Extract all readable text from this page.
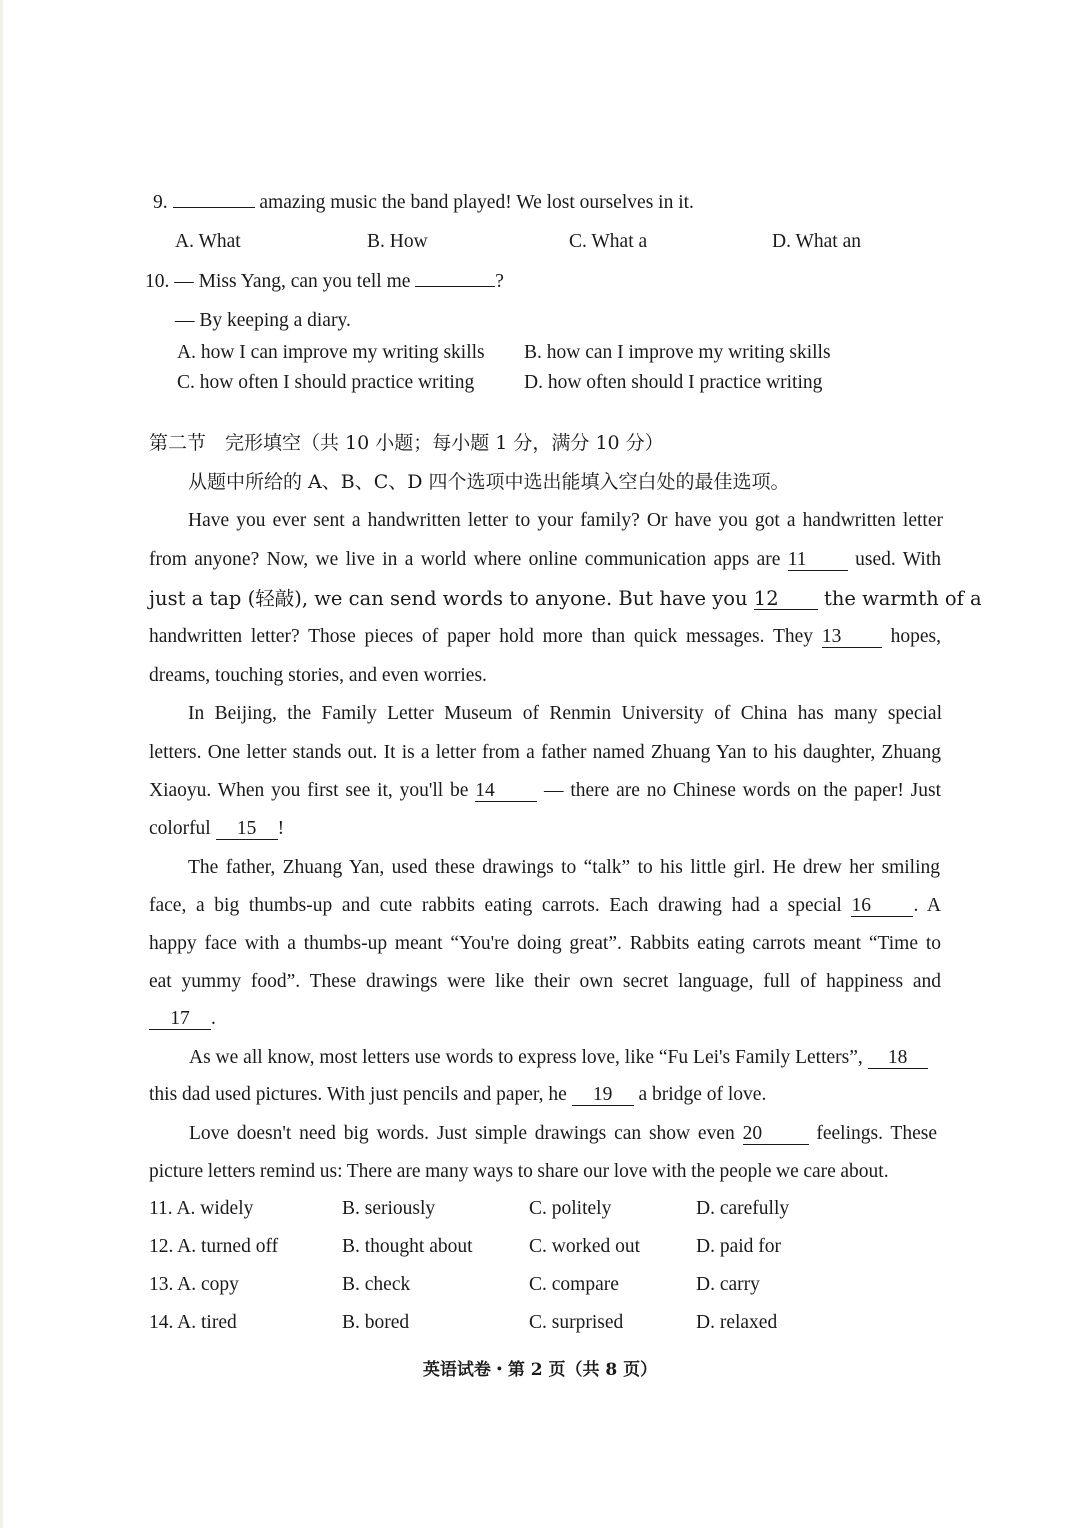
9.	amazing music the band played! We lost ourselves in it.
A. What	B. How	C. What a	D. What an
10. — Miss Yang, can you tell me	?
— By keeping a diary.
A. how I can improve my writing skills B. how can I improve my writing skills
C. how often I should practice writing	D. how often should I practice writing
第二节　完形填空（共 10 小题；每小题 1 分，满分 10 分）
从题中所给的 A、B、C、D 四个选项中选出能填入空白处的最佳选项。
Have you ever sent a handwritten letter to your family? Or have you got a handwritten letter
from anyone? Now, we live in a world where online communication apps are 11 used. With
just a tap (轻敲), we can send words to anyone. But have you 12 the warmth of a
handwritten letter? Those pieces of paper hold more than quick messages. They 13	hopes,
dreams, touching stories, and even worries.
In Beijing, the Family Letter Museum of Renmin University of China has many special
letters. One letter stands out. It is a letter from a father named Zhuang Yan to his daughter, Zhuang
Xiaoyu. When you first see it, you'll be 14	— there are no Chinese words on the paper! Just
colorful 15 !
The father, Zhuang Yan, used these drawings to “talk” to his little girl. He drew her smiling
face, a big thumbs-up and cute rabbits eating carrots. Each drawing had a special 16 . A
happy face with a thumbs-up meant “You're doing great”. Rabbits eating carrots meant “Time to
eat yummy food”. These drawings were like their own secret language, full of happiness and
17 .
As we all know, most letters use words to express love, like “Fu Lei's Family Letters”, 18
this dad used pictures. With just pencils and paper, he 19 a bridge of love.
Love doesn't need big words. Just simple drawings can show even 20	feelings. These
picture letters remind us: There are many ways to share our love with the people we care about.
11. A. widely	B. seriously	C. politely	D. carefully
12. A. turned off	B. thought about	C. worked out	D. paid for
13. A. copy	B. check	C. compare	D. carry
14. A. tired	B. bored	C. surprised	D. relaxed
英语试卷・第 2 页（共 8 页）
